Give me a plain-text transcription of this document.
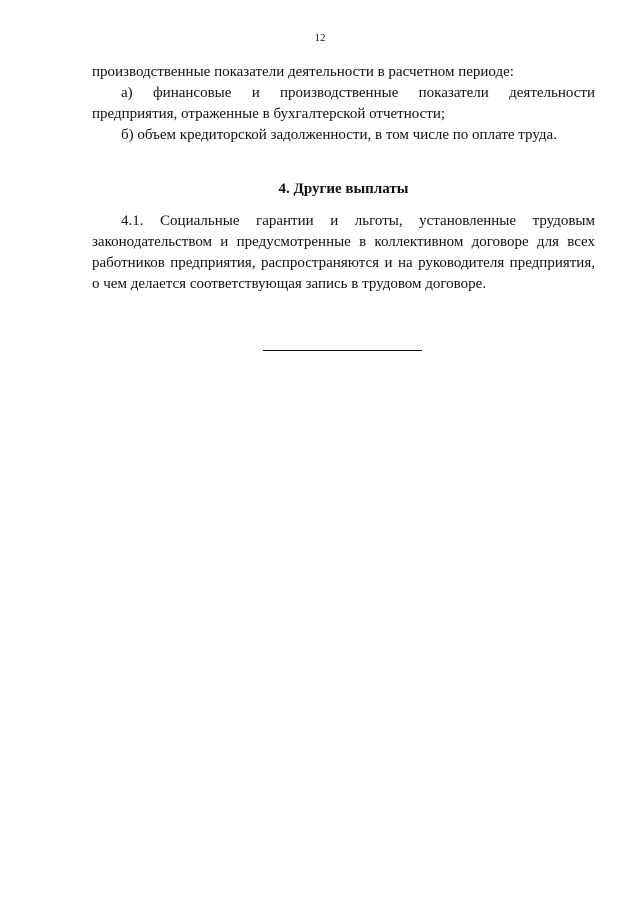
12

производственные показатели деятельности в расчетном периоде:

а) финансовые и производственные показатели деятельности предприятия, отраженные в бухгалтерской отчетности;

б) объем кредиторской задолженности, в том числе по оплате труда.

4. Другие выплаты

4.1. Социальные гарантии и льготы, установленные трудовым законодательством и предусмотренные в коллективном договоре для всех работников предприятия, распространяются и на руководителя предприятия, о чем делается соответствующая запись в трудовом договоре.
